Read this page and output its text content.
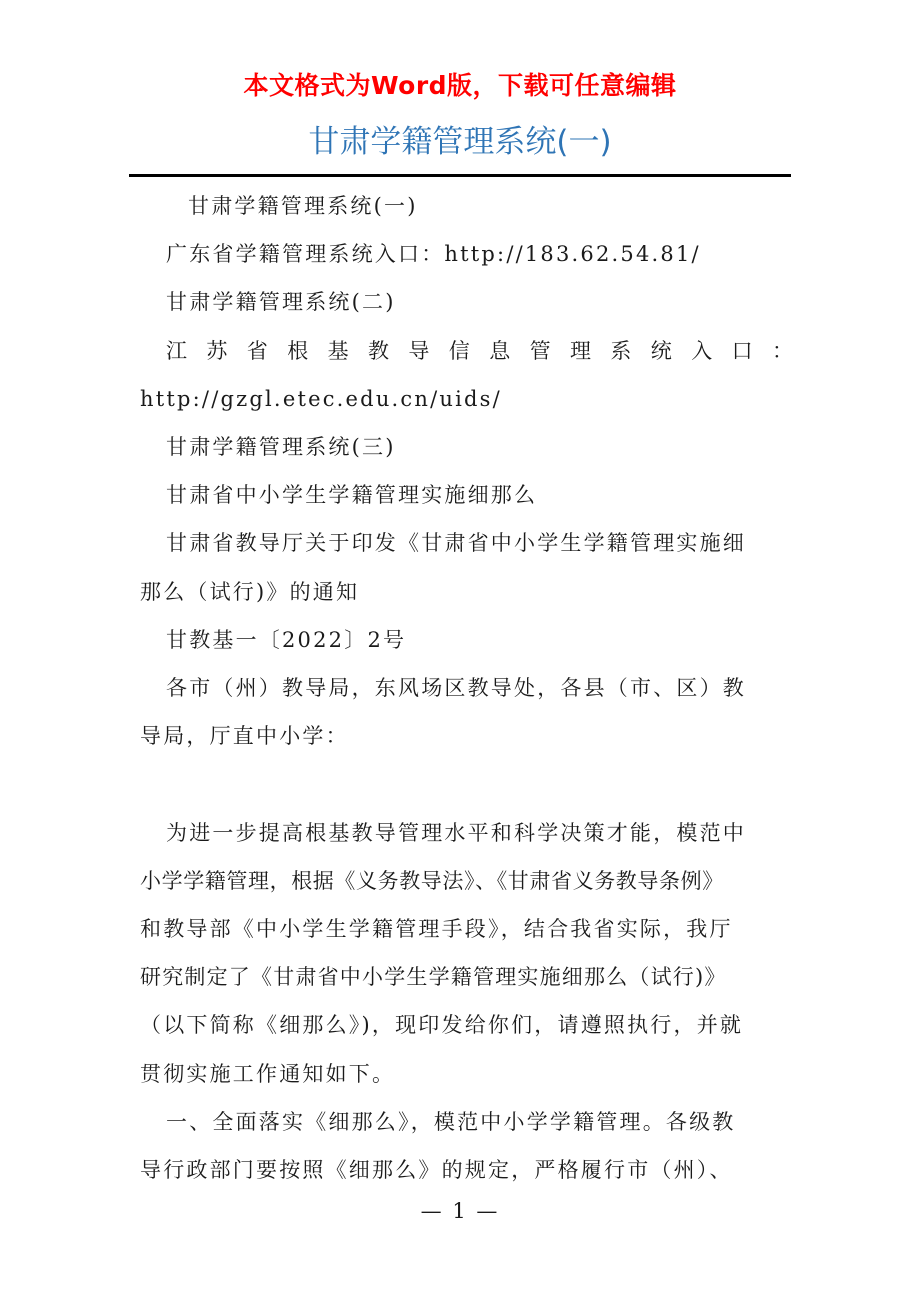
本文格式为Word版，下载可任意编辑
甘肃学籍管理系统(一)

甘肃学籍管理系统(一)

广东省学籍管理系统入口：http://183.62.54.81/

甘肃学籍管理系统(二)

江苏省根基教导信息管理系统入口：

http://gzgl.etec.edu.cn/uids/

甘肃学籍管理系统(三)

甘肃省中小学生学籍管理实施细那么

甘肃省教导厅关于印发《甘肃省中小学生学籍管理实施细

那么（试行)》的通知

甘教基一〔2022〕2号

各市（州）教导局，东风场区教导处，各县（市、区）教

导局，厅直中小学：

为进一步提高根基教导管理水平和科学决策才能，模范中

小学学籍管理，根据《义务教导法》、《甘肃省义务教导条例》

和教导部《中小学生学籍管理手段》，结合我省实际，我厅

研究制定了《甘肃省中小学生学籍管理实施细那么（试行)》

（以下简称《细那么》)，现印发给你们，请遵照执行，并就

贯彻实施工作通知如下。

一、全面落实《细那么》，模范中小学学籍管理。各级教

导行政部门要按照《细那么》的规定，严格履行市（州）、

— 1 —
